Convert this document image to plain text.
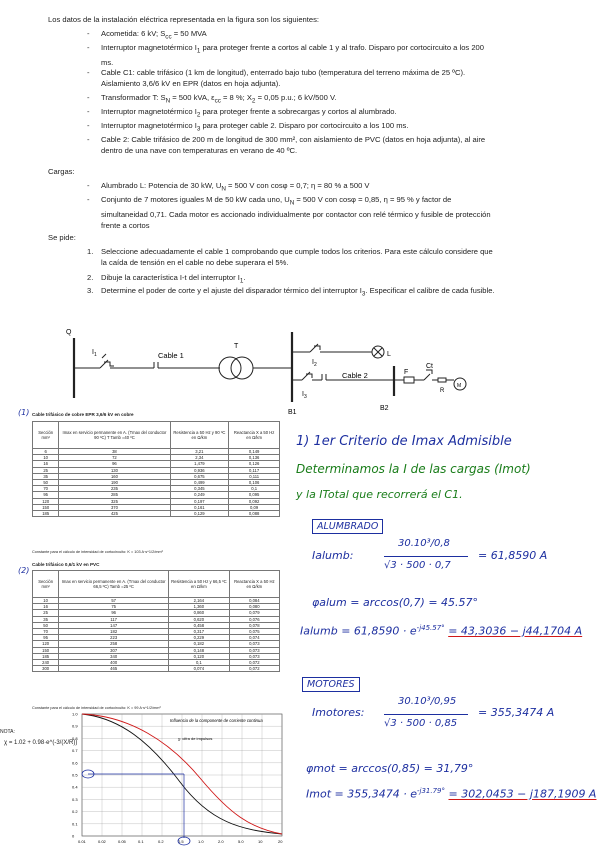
Los datos de la instalación eléctrica representada en la figura son los siguientes:
- Acometida: 6 kV; $S_{cc} = 50$ MVA
- Interruptor magnetotérmico $I_1$ para proteger frente a cortos al cable 1 y al trafo. Disparo por cortocircuito a los 200 ms.
- Cable C1: cable trifásico (1 km de longitud), enterrado bajo tubo (temperatura del terreno máxima de 25 ºC). Aislamiento 3,6/6 kV en EPR (datos en hoja adjunta).
- Transformador T: $S_N = 500$ kVA, $\varepsilon_{cc} = 8$ %; $X_2 = 0,05$ p.u.; 6 kV/500 V.
- Interruptor magnetotérmico $I_2$ para proteger frente a sobrecargas y cortos al alumbrado.
- Interruptor magnetotérmico $I_3$ para proteger cable 2. Disparo por cortocircuito a los 100 ms.
- Cable 2: Cable trifásico de 200 m de longitud de 300 mm², con aislamiento de PVC (datos en hoja adjunta), al aire dentro de una nave con temperaturas en verano de 40 ºC.
Cargas:
- Alumbrado L: Potencia de 30 kW, $U_N = 500$ V con cosφ = 0,7; η = 80 % a 500 V
- Conjunto de 7 motores iguales M de 50 kW cada uno, $U_N = 500$ V con cosφ = 0,85, η = 95 % y factor de simultaneidad 0,71. Cada motor es accionado individualmente por contactor con relé térmico y fusible de protección frente a cortos
Se pide:
1. Seleccione adecuadamente el cable 1 comprobando que cumple todos los criterios. Para este cálculo considere que la caída de tensión en el cable no debe superara el 5%.
2. Dibuje la característica I-t del interruptor $I_1$.
3. Determine el poder de corte y el ajuste del disparador térmico del interruptor $I_3$. Especificar el calibre de cada fusible.
Q
$I_1$	Cable 1
T
$I_2$
L
Cable 2	F
Ct
R
M
$I_3$
B1
B2
(1) Cable trifásico de cobre EPR 3,6/6 kV en cobre
Sección mm²	Imax en servicio permanente en A. (Tmax del conductor 90 ºC) T Tamb =40 ºC	Resistencia a 50 Hz y 90 ºC en Ω/km	Reactancia X a 50 Hz en Ω/km
6	38	3,21	0,149
10	72	2,34	0,136
16	96	1,479	0,126
25	130	0,936	0,117
35	160	0,675	0,111
50	190	0,499	0,106
70	235	0,345	0,1
95	285	0,249	0,095
120	325	0,197	0,092
150	370	0,161	0,09
185	425	0,129	0,088
Constante para el cálculo de intensidad de cortocircuito: K = 103 A·s^1/2/mm²
(2)
Cable trifásico 0,6/1 kV en PVC
Sección mm²	Imax en servicio permanente en A. (Tmax del conductor 66,5 ºC) Tamb =25 ºC	Resistencia a 50 Hz y 66,5 ºC en Ω/km	Reactancia X a 50 Hz en Ω/km
10	57	2,164	0,084
16	75	1,360	0,080
25	96	0,860	0,079
35	117	0,620	0,076
50	147	0,458	0,078
70	182	0,317	0,075
95	223	0,229	0,074
120	258	0,182	0,073
150	307	0,148	0,073
185	340	0,120	0,073
240	400	0,1	0,072
300	465	0,074	0,072
Constante para el cálculo de intensidad de cortocircuito: K = 99 A·s^1/2/mm²
NOTA:
χ = 1.02 + 0.98·e^(-3/(X/R))
Influencia de la componente de corriente continua
χ: cifra de impulsos
1.0
0.9
0.8
0.7
0.6
0.5
0.4
0.3
0.2
0.1
0
0.01	0.02	0.05	0.1	0.2	0.5	1.0	2.0	5.0	10	20
1) 1er Criterio de Imax Admisible
Determinamos la I de las cargas (Imot)
y la ITotal que recorrerá el C1.
ALUMBRADO
Ialumb:
30.10³/0,8
√3 · 500 · 0,7
= 61,8590 A
φalum = arccos(0,7) = 45.57°
Ialumb = $61,8590 \cdot e^{-j45.57^\circ} = 43,3036 - j44,1704$ A
MOTORES
Imotores:
30.10³/0,95
√3 · 500 · 0,85
= 355,3474 A
φmot = arccos(0,85) = 31,79°
Imot = $355,3474 \cdot e^{-j31.79^\circ} = 302,0453 - j187,1909$ A
